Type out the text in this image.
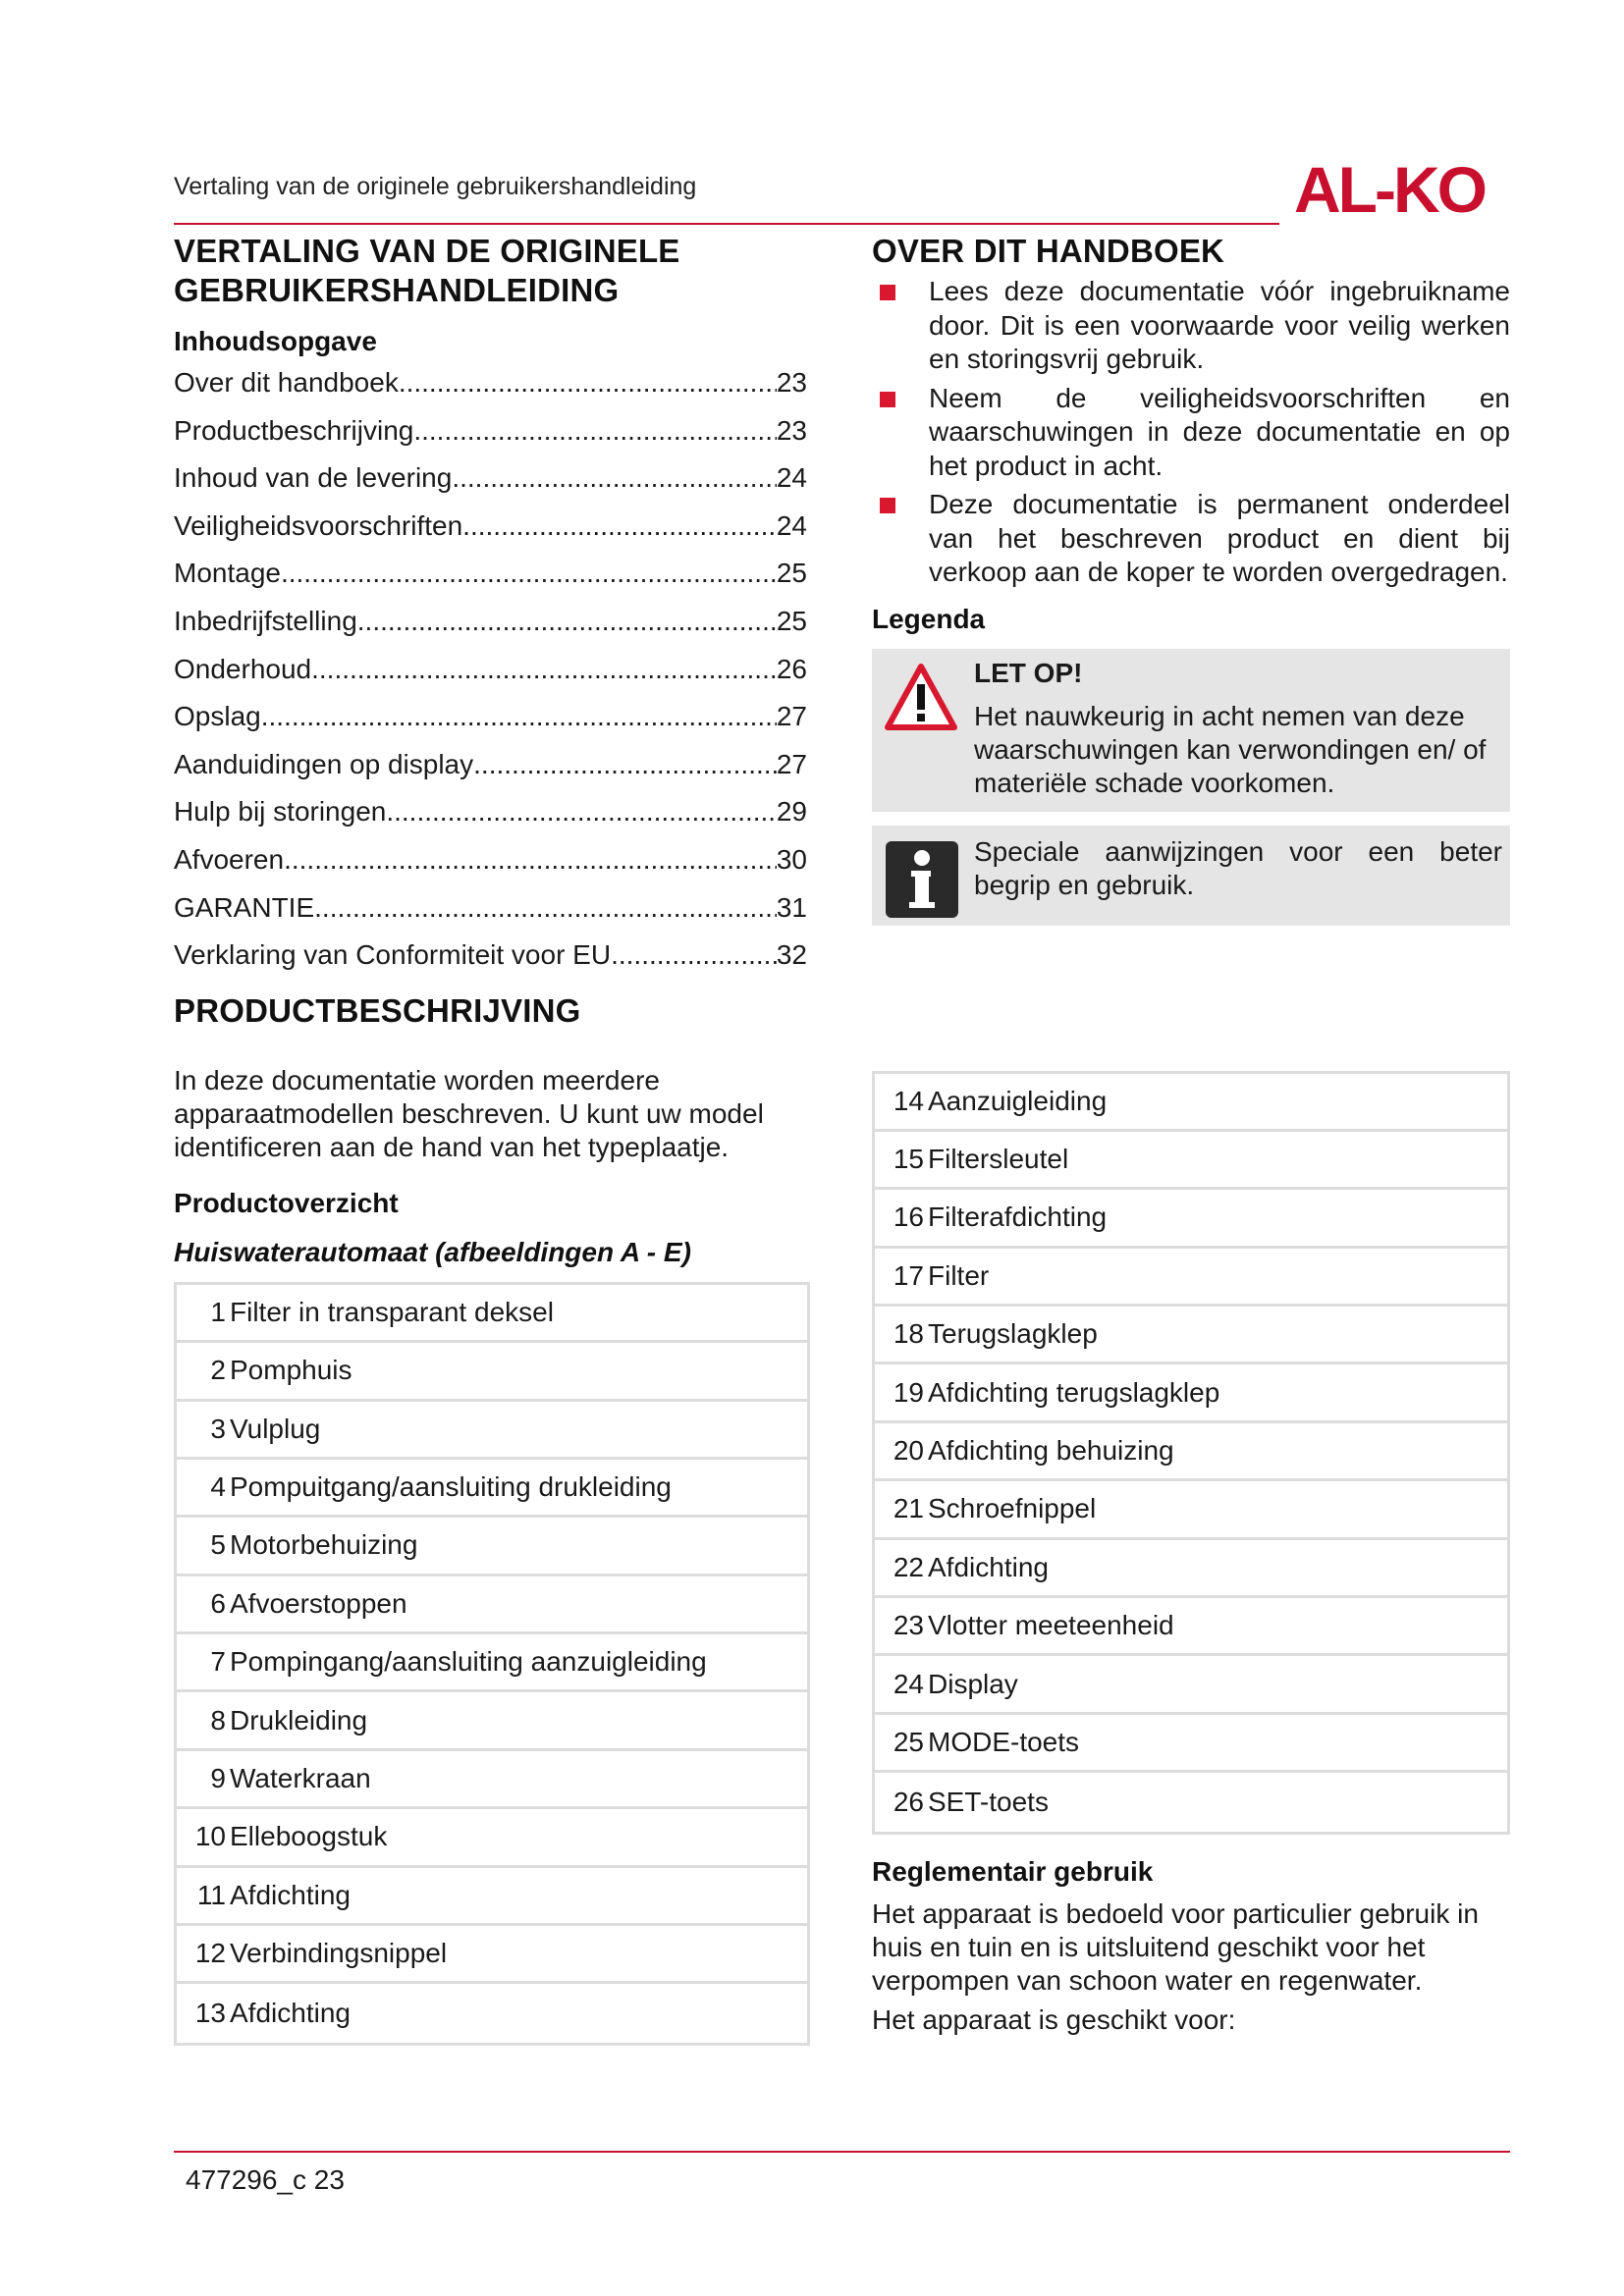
Vertaling van de originele gebruikershandleiding	AL-KO
VERTALING VAN DE ORIGINELE
GEBRUIKERSHANDLEIDING
Inhoudsopgave
Over dit handboek .....	23
Productbeschrijving .....	23
Inhoud van de levering .....	24
Veiligheidsvoorschriften .....	24
Montage .....	25
Inbedrijfstelling .....	25
Onderhoud .....	26
Opslag .....	27
Aanduidingen op display .....	27
Hulp bij storingen .....	29
Afvoeren .....	30
GARANTIE .....	31
Verklaring van Conformiteit voor EU .....	32
PRODUCTBESCHRIJVING

In deze documentatie worden meerdere apparaatmodellen beschreven. U kunt uw model identificeren aan de hand van het typeplaatje.

Productoverzicht
Huiswaterautomaat (afbeeldingen A - E)
1 Filter in transparant deksel
2 Pomphuis
3 Vulplug
4 Pompuitgang/aansluiting drukleiding
5 Motorbehuizing
6 Afvoerstoppen
7 Pompingang/aansluiting aanzuigleiding
8 Drukleiding
9 Waterkraan
10 Elleboogstuk
11 Afdichting
12 Verbindingsnippel
13 Afdichting
OVER DIT HANDBOEK
Lees deze documentatie vóór ingebruikname door. Dit is een voorwaarde voor veilig werken en storingsvrij gebruik.
Neem de veiligheidsvoorschriften en waarschuwingen in deze documentatie en op het product in acht.
Deze documentatie is permanent onderdeel van het beschreven product en dient bij verkoop aan de koper te worden overgedragen.
Legenda
LET OP!
Het nauwkeurig in acht nemen van deze waarschuwingen kan verwondingen en/ of materiële schade voorkomen.
Speciale aanwijzingen voor een beter begrip en gebruik.
14 Aanzuigleiding
15 Filtersleutel
16 Filterafdichting
17 Filter
18 Terugslagklep
19 Afdichting terugslagklep
20 Afdichting behuizing
21 Schroefnippel
22 Afdichting
23 Vlotter meeteenheid
24 Display
25 MODE-toets
26 SET-toets
Reglementair gebruik

Het apparaat is bedoeld voor particulier gebruik in huis en tuin en is uitsluitend geschikt voor het verpompen van schoon water en regenwater.

Het apparaat is geschikt voor:

477296_c 23
